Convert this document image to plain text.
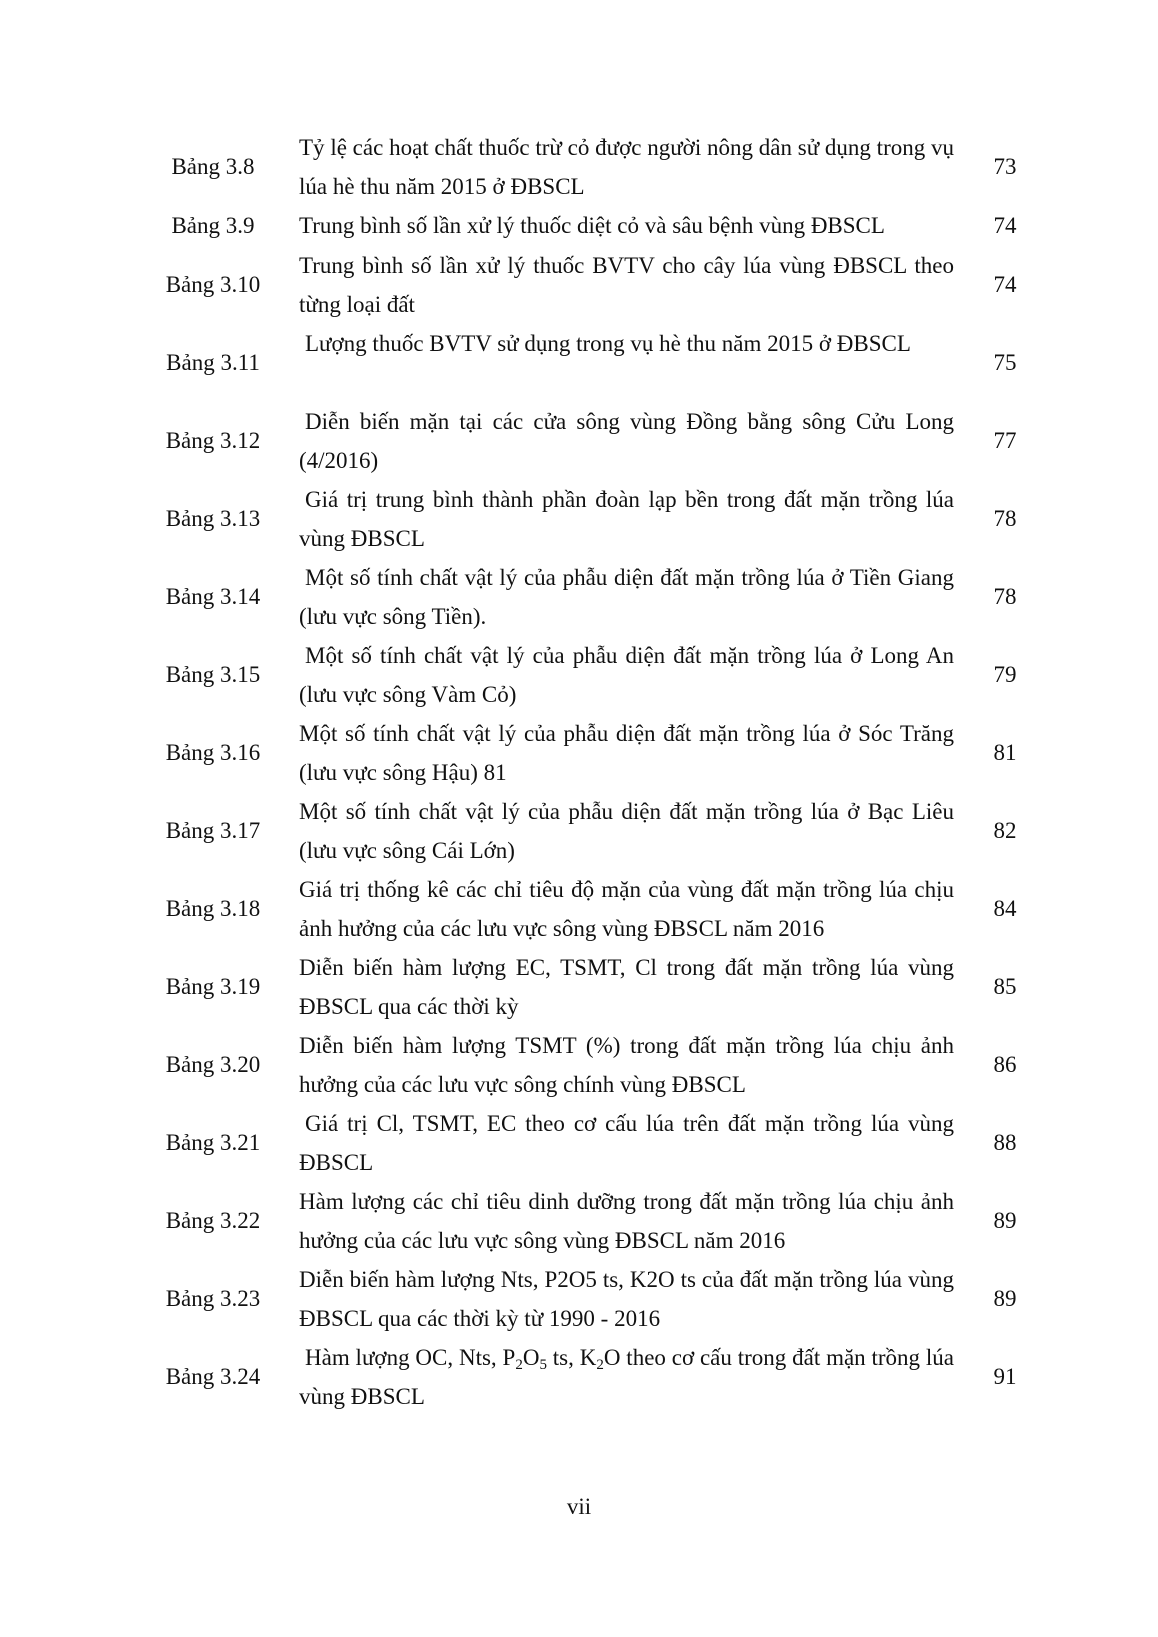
Bảng 3.8
Tỷ lệ các hoạt chất thuốc trừ cỏ được người nông dân sử dụng trong vụ lúa hè thu năm 2015 ở ĐBSCL
73
Bảng 3.9	Trung bình số lần xử lý thuốc diệt cỏ và sâu bệnh vùng ĐBSCL	74
Bảng 3.10
Trung bình số lần xử lý thuốc BVTV cho cây lúa vùng ĐBSCL theo từng loại đất
74
Bảng 3.11
Lượng thuốc BVTV sử dụng trong vụ hè thu năm 2015 ở ĐBSCL
75
Bảng 3.12
Diễn biến mặn tại các cửa sông vùng Đồng bằng sông Cửu Long (4/2016)
77
Bảng 3.13
Giá trị trung bình thành phần đoàn lạp bền trong đất mặn trồng lúa vùng ĐBSCL
78
Bảng 3.14
Một số tính chất vật lý của phẫu diện đất mặn trồng lúa ở Tiền Giang (lưu vực sông Tiền).
78
Bảng 3.15
Một số tính chất vật lý của phẫu diện đất mặn trồng lúa ở Long An (lưu vực sông Vàm Cỏ)
79
Bảng 3.16
Một số tính chất vật lý của phẫu diện đất mặn trồng lúa ở Sóc Trăng (lưu vực sông Hậu) 81
81
Bảng 3.17
Một số tính chất vật lý của phẫu diện đất mặn trồng lúa ở Bạc Liêu (lưu vực sông Cái Lớn)
82
Bảng 3.18
Giá trị thống kê các chỉ tiêu độ mặn của vùng đất mặn trồng lúa chịu ảnh hưởng của các lưu vực sông vùng ĐBSCL năm 2016
84
Bảng 3.19
Diễn biến hàm lượng EC, TSMT, Cl trong đất mặn trồng lúa vùng ĐBSCL qua các thời kỳ
85
Bảng 3.20
Diễn biến hàm lượng TSMT (%) trong đất mặn trồng lúa chịu ảnh hưởng của các lưu vực sông chính vùng ĐBSCL
86
Bảng 3.21
Giá trị Cl, TSMT, EC theo cơ cấu lúa trên đất mặn trồng lúa vùng ĐBSCL
88
Bảng 3.22
Hàm lượng các chỉ tiêu dinh dưỡng trong đất mặn trồng lúa chịu ảnh hưởng của các lưu vực sông vùng ĐBSCL năm 2016
89
Bảng 3.23
Diễn biến hàm lượng Nts, P2O5 ts, K2O ts của đất mặn trồng lúa vùng ĐBSCL qua các thời kỳ từ 1990 - 2016
89
Bảng 3.24
Hàm lượng OC, Nts, $P_2O_5$ ts, $K_2O$ theo cơ cấu trong đất mặn trồng lúa vùng ĐBSCL
91
vii
